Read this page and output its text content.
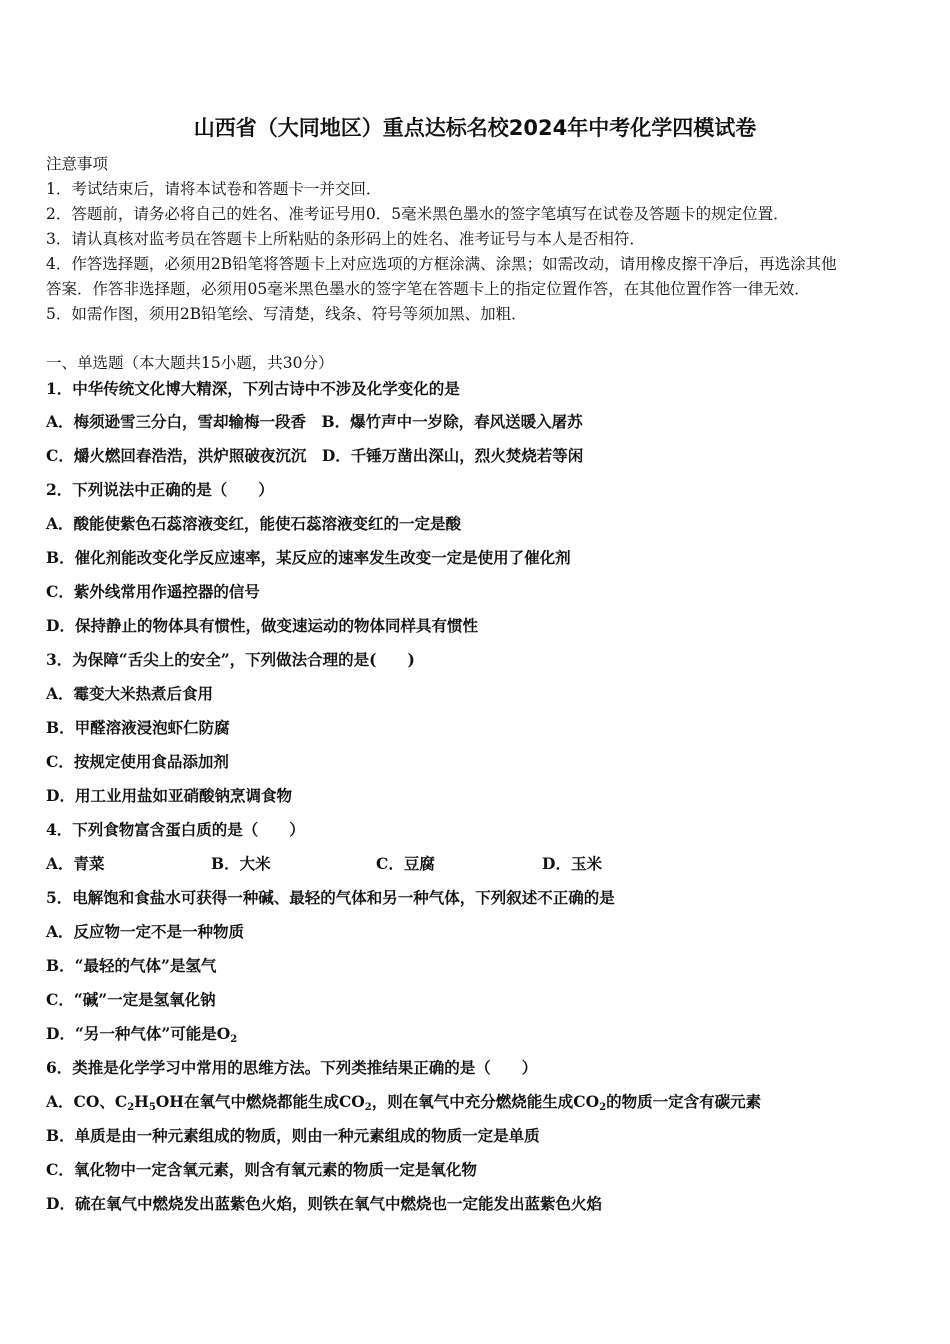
山西省（大同地区）重点达标名校2024年中考化学四模试卷
注意事项
1．考试结束后，请将本试卷和答题卡一并交回．
2．答题前，请务必将自己的姓名、准考证号用0．5毫米黑色墨水的签字笔填写在试卷及答题卡的规定位置．
3．请认真核对监考员在答题卡上所粘贴的条形码上的姓名、准考证号与本人是否相符．
4．作答选择题，必须用2B铅笔将答题卡上对应选项的方框涂满、涂黑；如需改动，请用橡皮擦干净后，再选涂其他
答案．作答非选择题，必须用05毫米黑色墨水的签字笔在答题卡上的指定位置作答，在其他位置作答一律无效．
5．如需作图，须用2B铅笔绘、写清楚，线条、符号等须加黑、加粗．
一、单选题（本大题共15小题，共30分）
1．中华传统文化博大精深，下列古诗中不涉及化学变化的是
A．梅须逊雪三分白，雪却输梅一段香　B．爆竹声中一岁除，春风送暖入屠苏
C．爝火燃回春浩浩，洪炉照破夜沉沉　D．千锤万凿出深山，烈火焚烧若等闲
2．下列说法中正确的是（　　）
A．酸能使紫色石蕊溶液变红，能使石蕊溶液变红的一定是酸
B．催化剂能改变化学反应速率，某反应的速率发生改变一定是使用了催化剂
C．紫外线常用作遥控器的信号
D．保持静止的物体具有惯性，做变速运动的物体同样具有惯性
3．为保障“舌尖上的安全”，下列做法合理的是(　　)
A．霉变大米热煮后食用
B．甲醛溶液浸泡虾仁防腐
C．按规定使用食品添加剂
D．用工业用盐如亚硝酸钠烹调食物
4．下列食物富含蛋白质的是（　　）
A．青菜	B．大米	C．豆腐	D．玉米
5．电解饱和食盐水可获得一种碱、最轻的气体和另一种气体，下列叙述不正确的是
A．反应物一定不是一种物质
B．“最轻的气体”是氢气
C．“碱”一定是氢氧化钠
D．“另一种气体”可能是$O_2$
6．类推是化学学习中常用的思维方法。下列类推结果正确的是（　　）
A．CO、$C_2H_5OH$在氧气中燃烧都能生成$CO_2$，则在氧气中充分燃烧能生成$CO_2$的物质一定含有碳元素
B．单质是由一种元素组成的物质，则由一种元素组成的物质一定是单质
C．氧化物中一定含氧元素，则含有氧元素的物质一定是氧化物
D．硫在氧气中燃烧发出蓝紫色火焰，则铁在氧气中燃烧也一定能发出蓝紫色火焰
